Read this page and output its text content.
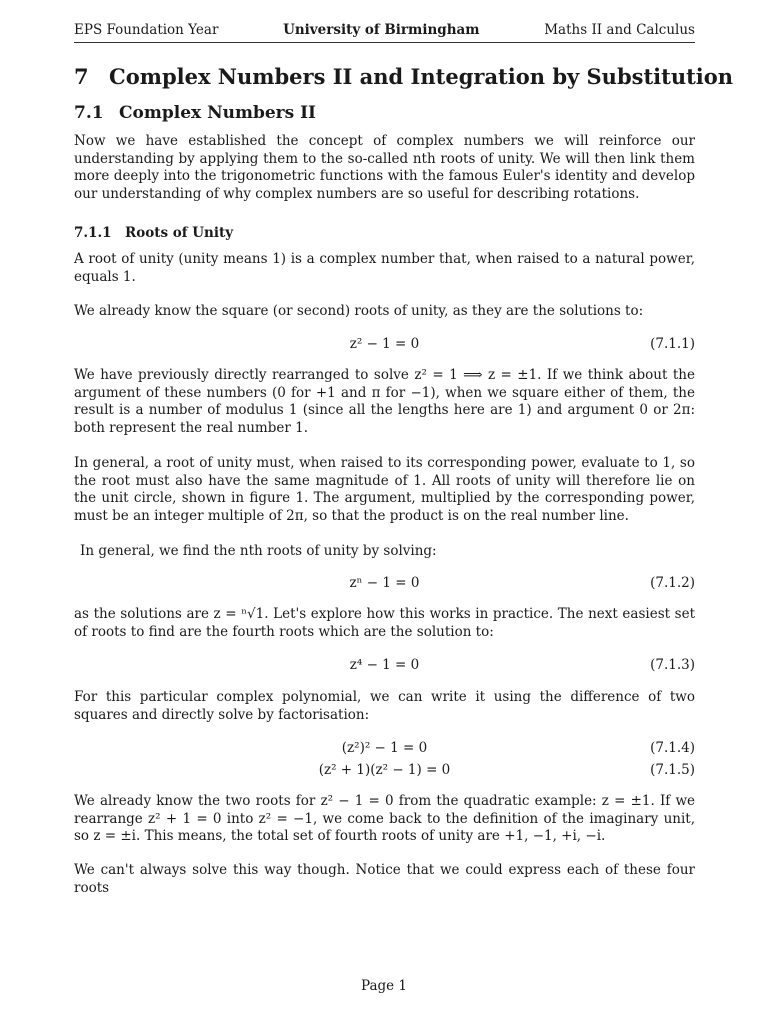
EPS Foundation Year	University of Birmingham	Maths II and Calculus
7 Complex Numbers II and Integration by Substitution
7.1 Complex Numbers II

Now we have established the concept of complex numbers we will reinforce our understanding by applying them to the so-called nth roots of unity. We will then link them more deeply into the trigonometric functions with the famous Euler's identity and develop our understanding of why complex numbers are so useful for describing rotations.

7.1.1 Roots of Unity

A root of unity (unity means 1) is a complex number that, when raised to a natural power, equals 1.

We already know the square (or second) roots of unity, as they are the solutions to:

z² − 1 = 0	(7.1.1)

We have previously directly rearranged to solve z² = 1 ⟹ z = ±1. If we think about the argument of these numbers (0 for +1 and π for −1), when we square either of them, the result is a number of modulus 1 (since all the lengths here are 1) and argument 0 or 2π: both represent the real number 1.

In general, a root of unity must, when raised to its corresponding power, evaluate to 1, so the root must also have the same magnitude of 1. All roots of unity will therefore lie on the unit circle, shown in figure 1. The argument, multiplied by the corresponding power, must be an integer multiple of 2π, so that the product is on the real number line.

In general, we find the nth roots of unity by solving:

zⁿ − 1 = 0	(7.1.2)

as the solutions are z = ⁿ√1. Let's explore how this works in practice. The next easiest set of roots to find are the fourth roots which are the solution to:

z⁴ − 1 = 0	(7.1.3)

For this particular complex polynomial, we can write it using the difference of two squares and directly solve by factorisation:

(z²)² − 1 = 0	(7.1.4)
(z² + 1)(z² − 1) = 0	(7.1.5)

We already know the two roots for z² − 1 = 0 from the quadratic example: z = ±1. If we rearrange z² + 1 = 0 into z² = −1, we come back to the definition of the imaginary unit, so z = ±i. This means, the total set of fourth roots of unity are +1, −1, +i, −i.

We can't always solve this way though. Notice that we could express each of these four roots

Page 1
